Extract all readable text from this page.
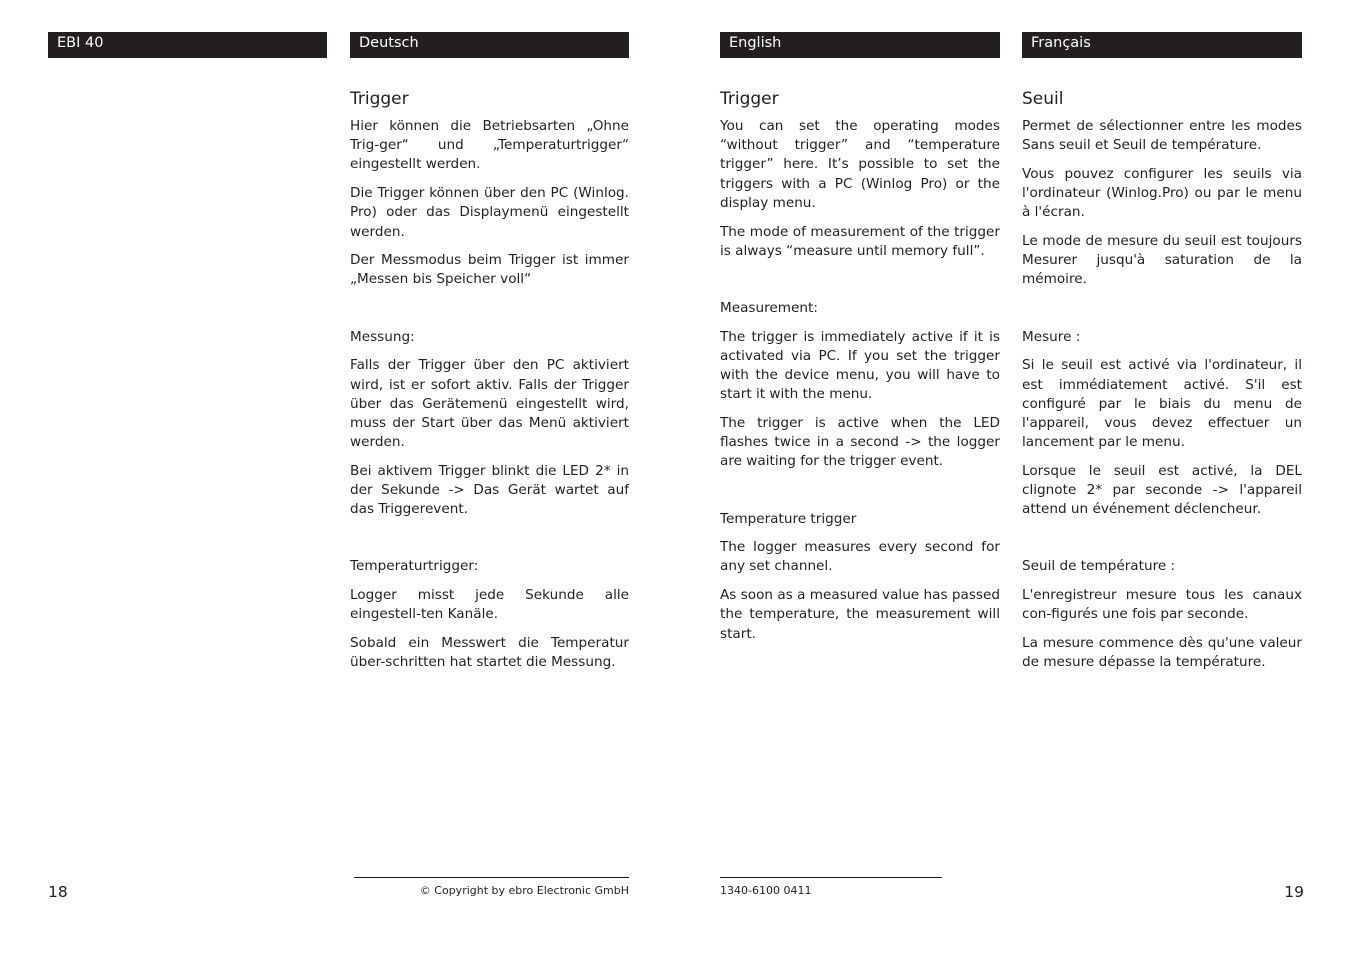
EBI 40	Deutsch	English	Français
Trigger

Hier können die Betriebsarten „Ohne Trig-ger“ und „Temperaturtrigger“ eingestellt werden.

Die Trigger können über den PC (Winlog. Pro) oder das Displaymenü eingestellt werden.

Der Messmodus beim Trigger ist immer „Messen bis Speicher voll“

Messung:

Falls der Trigger über den PC aktiviert wird, ist er sofort aktiv. Falls der Trigger über das Gerätemenü eingestellt wird, muss der Start über das Menü aktiviert werden.

Bei aktivem Trigger blinkt die LED 2* in der Sekunde -> Das Gerät wartet auf das Triggerevent.

Temperaturtrigger:

Logger misst jede Sekunde alle eingestell-ten Kanäle.

Sobald ein Messwert die Temperatur über-schritten hat startet die Messung.

Trigger

You can set the operating modes “without trigger” and “temperature trigger” here. It’s possible to set the triggers with a PC (Winlog Pro) or the display menu.

The mode of measurement of the trigger is always “measure until memory full”.

Measurement:

The trigger is immediately active if it is activated via PC. If you set the trigger with the device menu, you will have to start it with the menu.

The trigger is active when the LED flashes twice in a second -> the logger are waiting for the trigger event.

Temperature trigger

The logger measures every second for any set channel.

As soon as a measured value has passed the temperature, the measurement will start.

Seuil

Permet de sélectionner entre les modes Sans seuil et Seuil de température.

Vous pouvez configurer les seuils via l'ordinateur (Winlog.Pro) ou par le menu à l'écran.

Le mode de mesure du seuil est toujours Mesurer jusqu'à saturation de la mémoire.

Mesure :

Si le seuil est activé via l'ordinateur, il est immédiatement activé. S'il est configuré par le biais du menu de l'appareil, vous devez effectuer un lancement par le menu.

Lorsque le seuil est activé, la DEL clignote 2* par seconde -> l'appareil attend un événement déclencheur.

Seuil de température :

L'enregistreur mesure tous les canaux con-figurés une fois par seconde.

La mesure commence dès qu'une valeur de mesure dépasse la température.

© Copyright by ebro Electronic GmbH	1340-6100 0411
18	19
